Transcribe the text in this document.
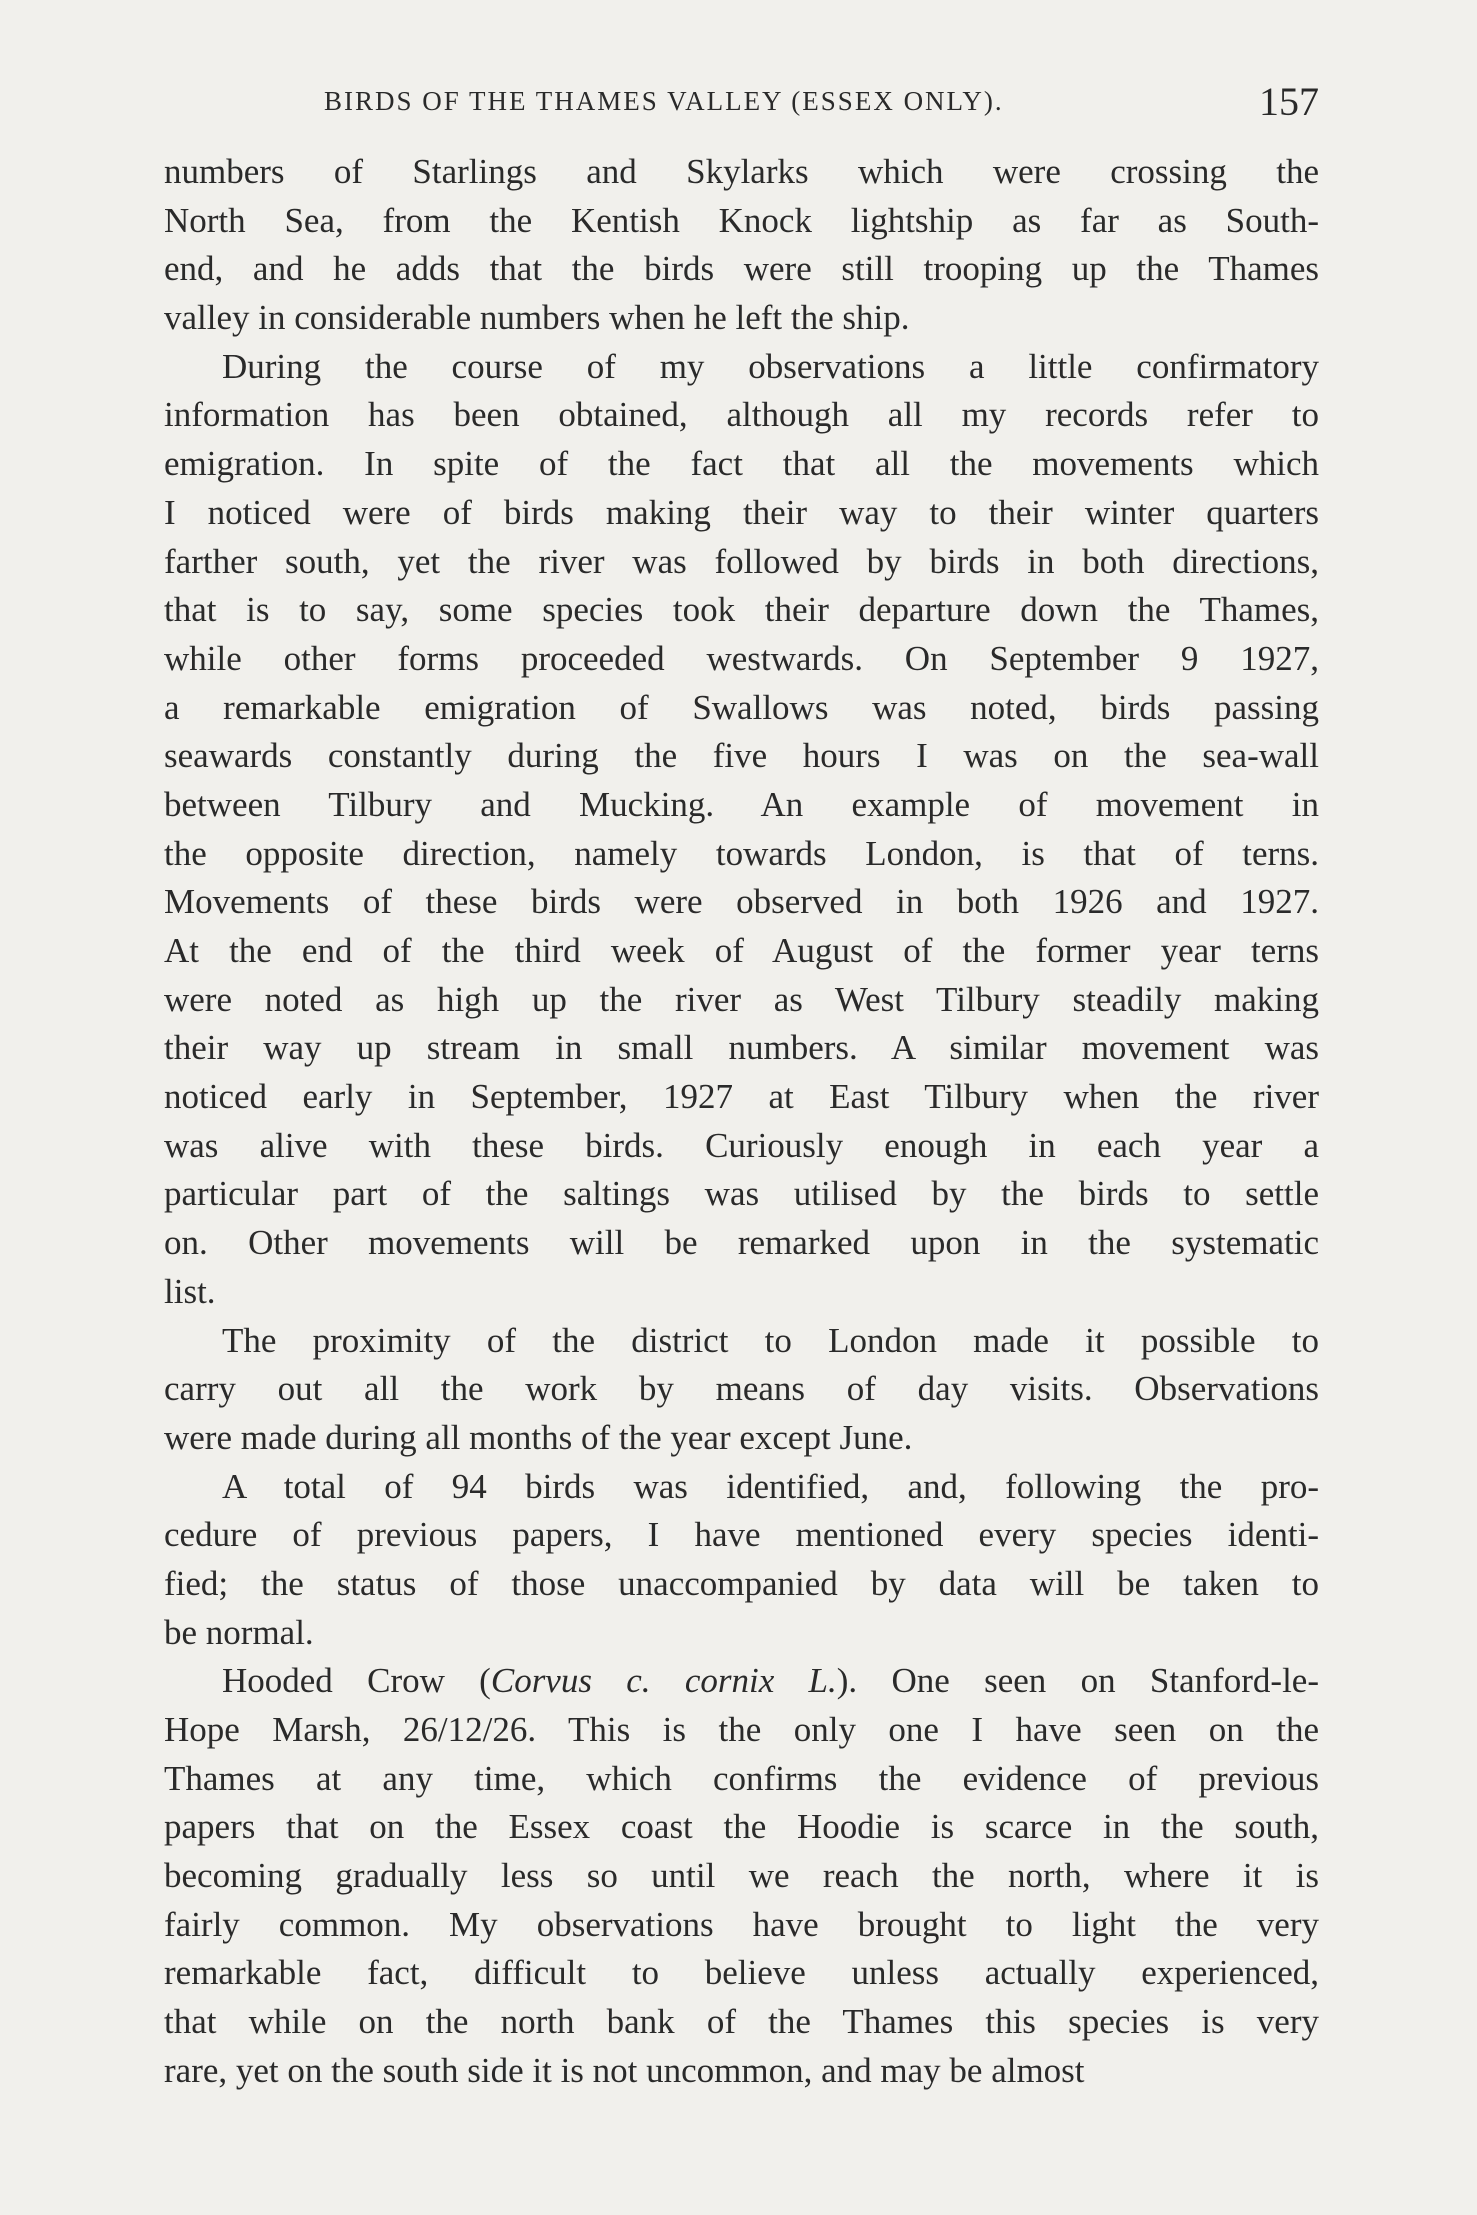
BIRDS OF THE THAMES VALLEY (ESSEX ONLY).	157
numbers of Starlings and Skylarks which were crossing the
North Sea, from the Kentish Knock lightship as far as South-
end, and he adds that the birds were still trooping up the Thames
valley in considerable numbers when he left the ship.
During the course of my observations a little confirmatory
information has been obtained, although all my records refer to
emigration. In spite of the fact that all the movements which
I noticed were of birds making their way to their winter quarters
farther south, yet the river was followed by birds in both directions,
that is to say, some species took their departure down the Thames,
while other forms proceeded westwards. On September 9 1927,
a remarkable emigration of Swallows was noted, birds passing
seawards constantly during the five hours I was on the sea-wall
between Tilbury and Mucking. An example of movement in
the opposite direction, namely towards London, is that of terns.
Movements of these birds were observed in both 1926 and 1927.
At the end of the third week of August of the former year terns
were noted as high up the river as West Tilbury steadily making
their way up stream in small numbers. A similar movement was
noticed early in September, 1927 at East Tilbury when the river
was alive with these birds. Curiously enough in each year a
particular part of the saltings was utilised by the birds to settle
on. Other movements will be remarked upon in the systematic
list.
The proximity of the district to London made it possible to
carry out all the work by means of day visits. Observations
were made during all months of the year except June.
A total of 94 birds was identified, and, following the pro-
cedure of previous papers, I have mentioned every species identi-
fied; the status of those unaccompanied by data will be taken to
be normal.
Hooded Crow (Corvus c. cornix L.). One seen on Stanford-le-
Hope Marsh, 26/12/26. This is the only one I have seen on the
Thames at any time, which confirms the evidence of previous
papers that on the Essex coast the Hoodie is scarce in the south,
becoming gradually less so until we reach the north, where it is
fairly common. My observations have brought to light the very
remarkable fact, difficult to believe unless actually experienced,
that while on the north bank of the Thames this species is very
rare, yet on the south side it is not uncommon, and may be almost
